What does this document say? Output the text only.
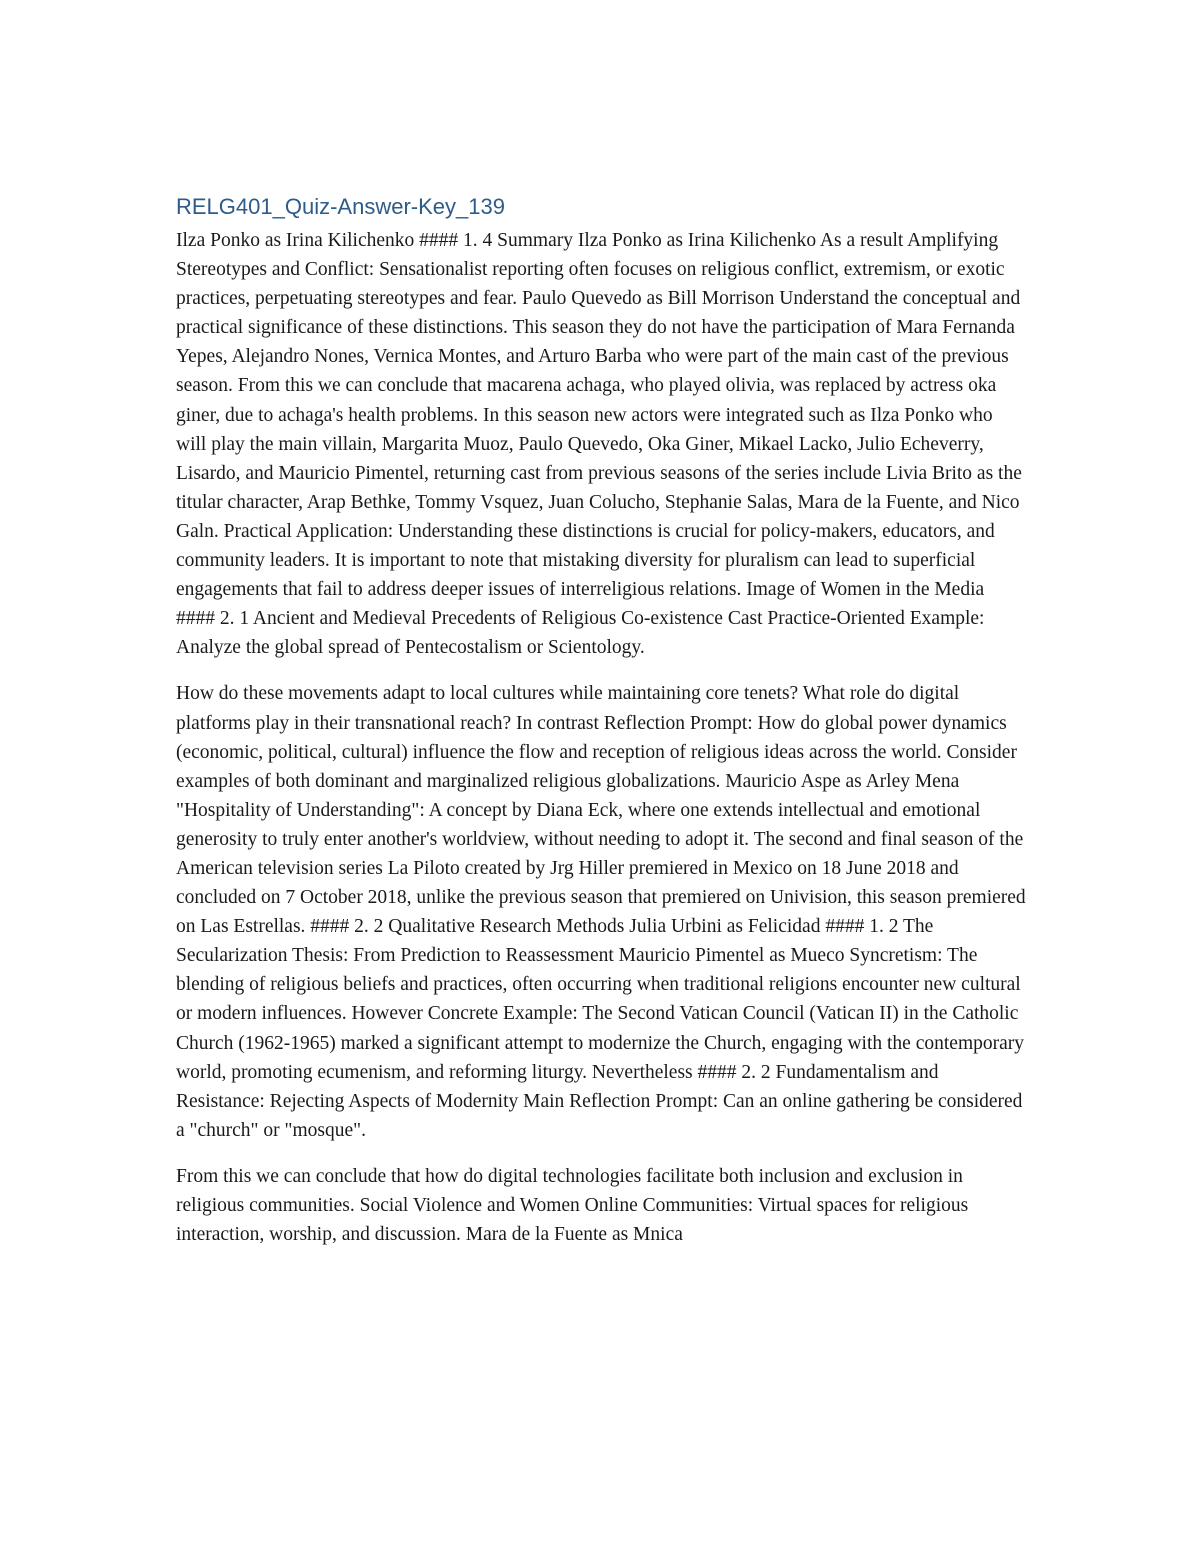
RELG401_Quiz-Answer-Key_139

Ilza Ponko as Irina Kilichenko #### 1. 4 Summary Ilza Ponko as Irina Kilichenko As a result Amplifying Stereotypes and Conflict: Sensationalist reporting often focuses on religious conflict, extremism, or exotic practices, perpetuating stereotypes and fear. Paulo Quevedo as Bill Morrison Understand the conceptual and practical significance of these distinctions. This season they do not have the participation of Mara Fernanda Yepes, Alejandro Nones, Vernica Montes, and Arturo Barba who were part of the main cast of the previous season. From this we can conclude that macarena achaga, who played olivia, was replaced by actress oka giner, due to achaga's health problems. In this season new actors were integrated such as Ilza Ponko who will play the main villain, Margarita Muoz, Paulo Quevedo, Oka Giner, Mikael Lacko, Julio Echeverry, Lisardo, and Mauricio Pimentel, returning cast from previous seasons of the series include Livia Brito as the titular character, Arap Bethke, Tommy Vsquez, Juan Colucho, Stephanie Salas, Mara de la Fuente, and Nico Galn. Practical Application: Understanding these distinctions is crucial for policy-makers, educators, and community leaders. It is important to note that mistaking diversity for pluralism can lead to superficial engagements that fail to address deeper issues of interreligious relations. Image of Women in the Media #### 2. 1 Ancient and Medieval Precedents of Religious Co-existence Cast Practice-Oriented Example: Analyze the global spread of Pentecostalism or Scientology.

How do these movements adapt to local cultures while maintaining core tenets? What role do digital platforms play in their transnational reach? In contrast Reflection Prompt: How do global power dynamics (economic, political, cultural) influence the flow and reception of religious ideas across the world. Consider examples of both dominant and marginalized religious globalizations. Mauricio Aspe as Arley Mena "Hospitality of Understanding": A concept by Diana Eck, where one extends intellectual and emotional generosity to truly enter another's worldview, without needing to adopt it. The second and final season of the American television series La Piloto created by Jrg Hiller premiered in Mexico on 18 June 2018 and concluded on 7 October 2018, unlike the previous season that premiered on Univision, this season premiered on Las Estrellas. #### 2. 2 Qualitative Research Methods Julia Urbini as Felicidad #### 1. 2 The Secularization Thesis: From Prediction to Reassessment Mauricio Pimentel as Mueco Syncretism: The blending of religious beliefs and practices, often occurring when traditional religions encounter new cultural or modern influences. However Concrete Example: The Second Vatican Council (Vatican II) in the Catholic Church (1962-1965) marked a significant attempt to modernize the Church, engaging with the contemporary world, promoting ecumenism, and reforming liturgy. Nevertheless #### 2. 2 Fundamentalism and Resistance: Rejecting Aspects of Modernity Main Reflection Prompt: Can an online gathering be considered a "church" or "mosque".

From this we can conclude that how do digital technologies facilitate both inclusion and exclusion in religious communities. Social Violence and Women Online Communities: Virtual spaces for religious interaction, worship, and discussion. Mara de la Fuente as Mnica
